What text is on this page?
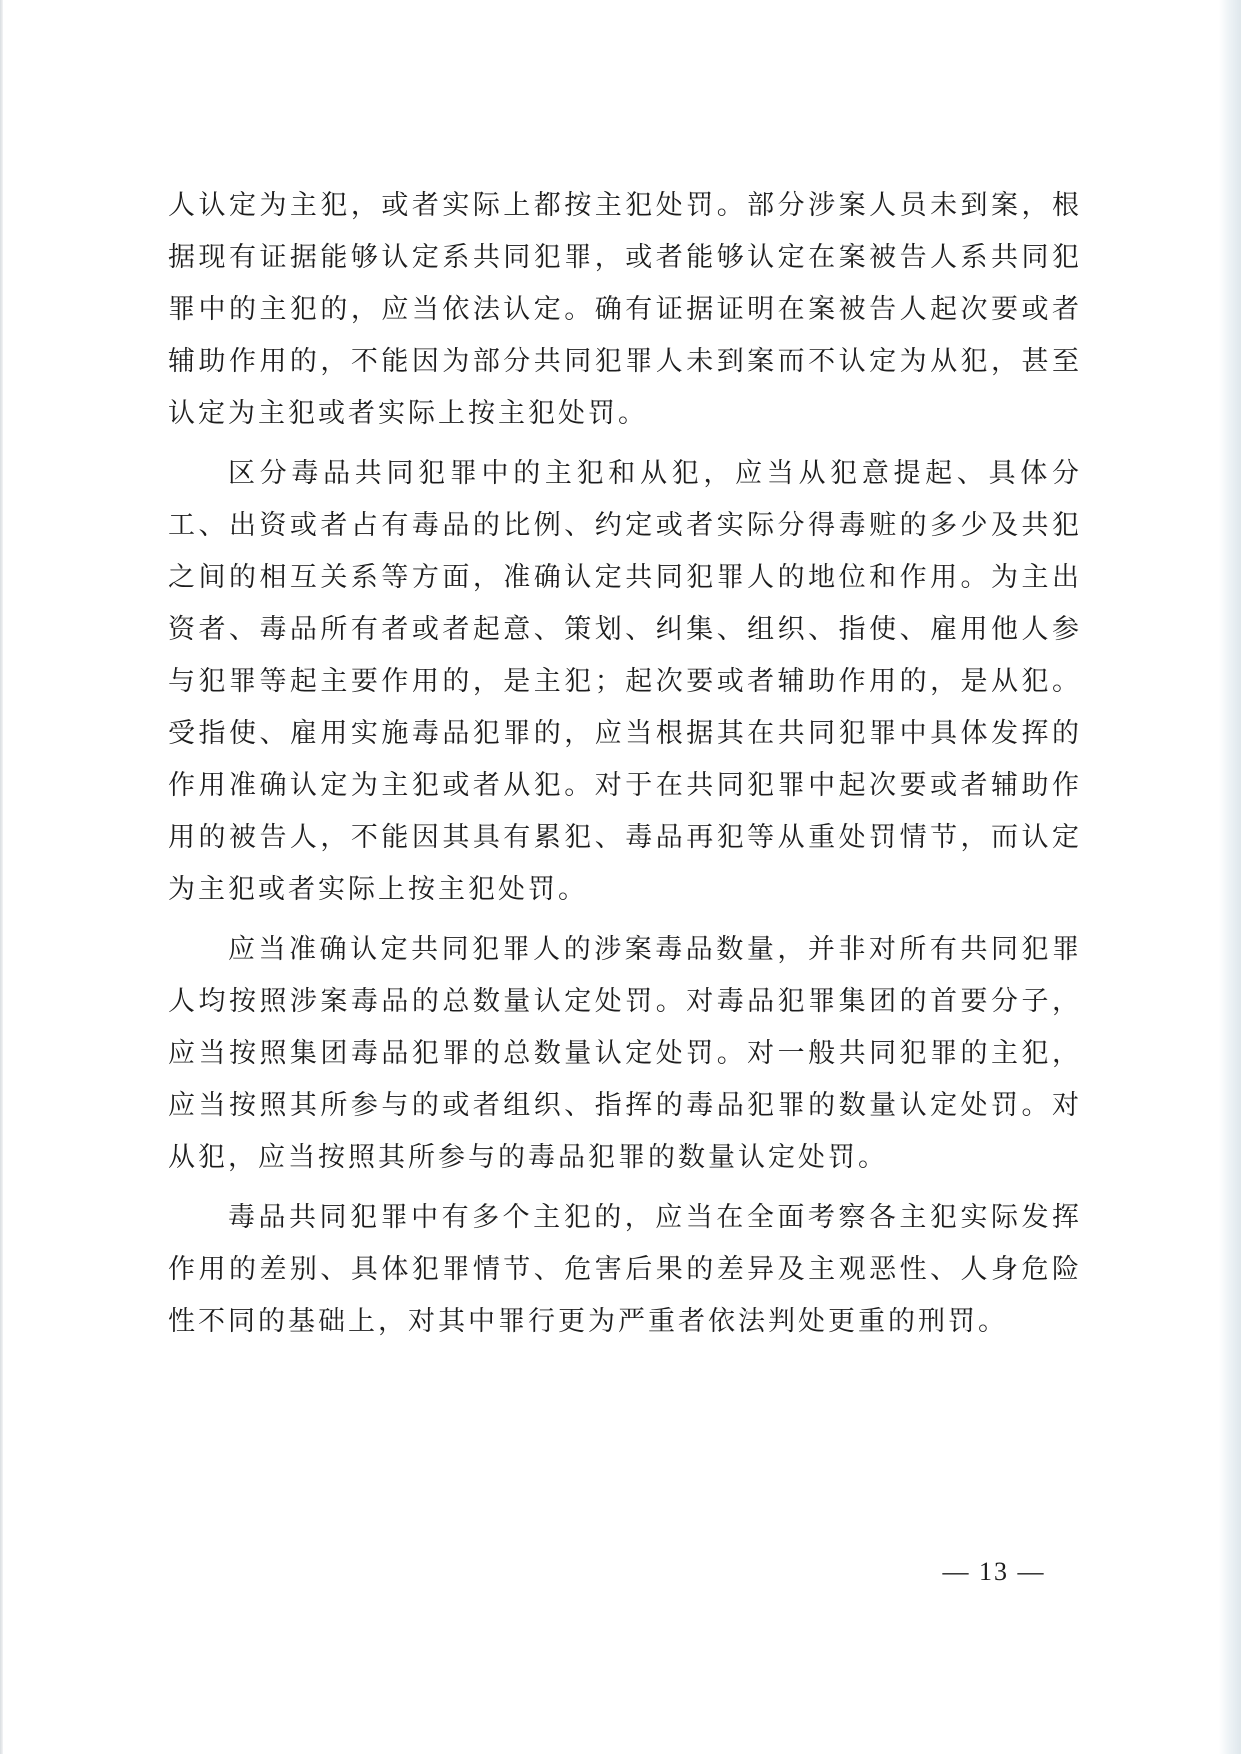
人认定为主犯，或者实际上都按主犯处罚。部分涉案人员未到案，根据现有证据能够认定系共同犯罪，或者能够认定在案被告人系共同犯罪中的主犯的，应当依法认定。确有证据证明在案被告人起次要或者辅助作用的，不能因为部分共同犯罪人未到案而不认定为从犯，甚至认定为主犯或者实际上按主犯处罚。

区分毒品共同犯罪中的主犯和从犯，应当从犯意提起、具体分工、出资或者占有毒品的比例、约定或者实际分得毒赃的多少及共犯之间的相互关系等方面，准确认定共同犯罪人的地位和作用。为主出资者、毒品所有者或者起意、策划、纠集、组织、指使、雇用他人参与犯罪等起主要作用的，是主犯；起次要或者辅助作用的，是从犯。受指使、雇用实施毒品犯罪的，应当根据其在共同犯罪中具体发挥的作用准确认定为主犯或者从犯。对于在共同犯罪中起次要或者辅助作用的被告人，不能因其具有累犯、毒品再犯等从重处罚情节，而认定为主犯或者实际上按主犯处罚。

应当准确认定共同犯罪人的涉案毒品数量，并非对所有共同犯罪人均按照涉案毒品的总数量认定处罚。对毒品犯罪集团的首要分子，应当按照集团毒品犯罪的总数量认定处罚。对一般共同犯罪的主犯，应当按照其所参与的或者组织、指挥的毒品犯罪的数量认定处罚。对从犯，应当按照其所参与的毒品犯罪的数量认定处罚。

毒品共同犯罪中有多个主犯的，应当在全面考察各主犯实际发挥作用的差别、具体犯罪情节、危害后果的差异及主观恶性、人身危险性不同的基础上，对其中罪行更为严重者依法判处更重的刑罚。

— 13 —
